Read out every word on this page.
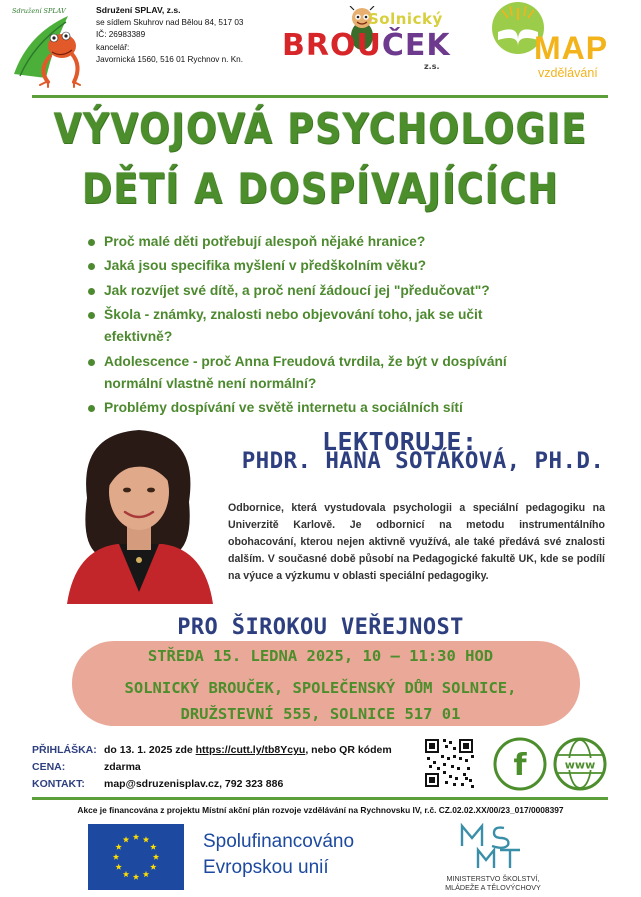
Sdružení SPLAV	Sdružení SPLAV, z.s.
se sídlem Skuhrov nad Bělou 84, 517 03
IČ: 26983389
kancelář:
Javornická 1560, 516 01 Rychnov n. Kn.
Solnický
BROUČEK
z.s.
MAP
vzdělávání
VÝVOJOVÁ PSYCHOLOGIE
DĚTÍ A DOSPÍVAJÍCÍCH
Proč malé děti potřebují alespoň nějaké hranice?
Jaká jsou specifika myšlení v předškolním věku?
Jak rozvíjet své dítě, a proč není žádoucí jej "předučovat"?
Škola - známky, znalosti nebo objevování toho, jak se učit efektivně?
Adolescence - proč Anna Freudová tvrdila, že být v dospívání normální vlastně není normální?
Problémy dospívání ve světě internetu a sociálních sítí
LEKTORUJE:
PHDR. HANA SOTÁKOVÁ, PH.D.
Odbornice, která vystudovala psychologii a speciální pedagogiku na Univerzitě Karlově. Je odbornicí na metodu instrumentálního obohacování, kterou nejen aktivně využívá, ale také předává své znalosti dalším. V současné době působí na Pedagogické fakultě UK, kde se podílí na výuce a výzkumu v oblasti speciální pedagogiky.
PRO ŠIROKOU VEŘEJNOST
STŘEDA 15. LEDNA 2025, 10 – 11:30 HOD
SOLNICKÝ BROUČEK, SPOLEČENSKÝ DŮM SOLNICE,
DRUŽSTEVNÍ 555, SOLNICE 517 01
PŘIHLÁŠKA: do 13. 1. 2025 zde https://cutt.ly/tb8Ycyu, nebo QR kódem
CENA:	zdarma
KONTAKT:	map@sdruzenisplav.cz, 792 323 886
f	www
Akce je financována z projektu Místní akční plán rozvoje vzdělávání na Rychnovsku IV, r.č. CZ.02.02.XX/00/23_017/0008397
Spolufinancováno
Evropskou unií
MINISTERSTVO ŠKOLSTVÍ,
MLÁDEŽE A TĚLOVÝCHOVY
